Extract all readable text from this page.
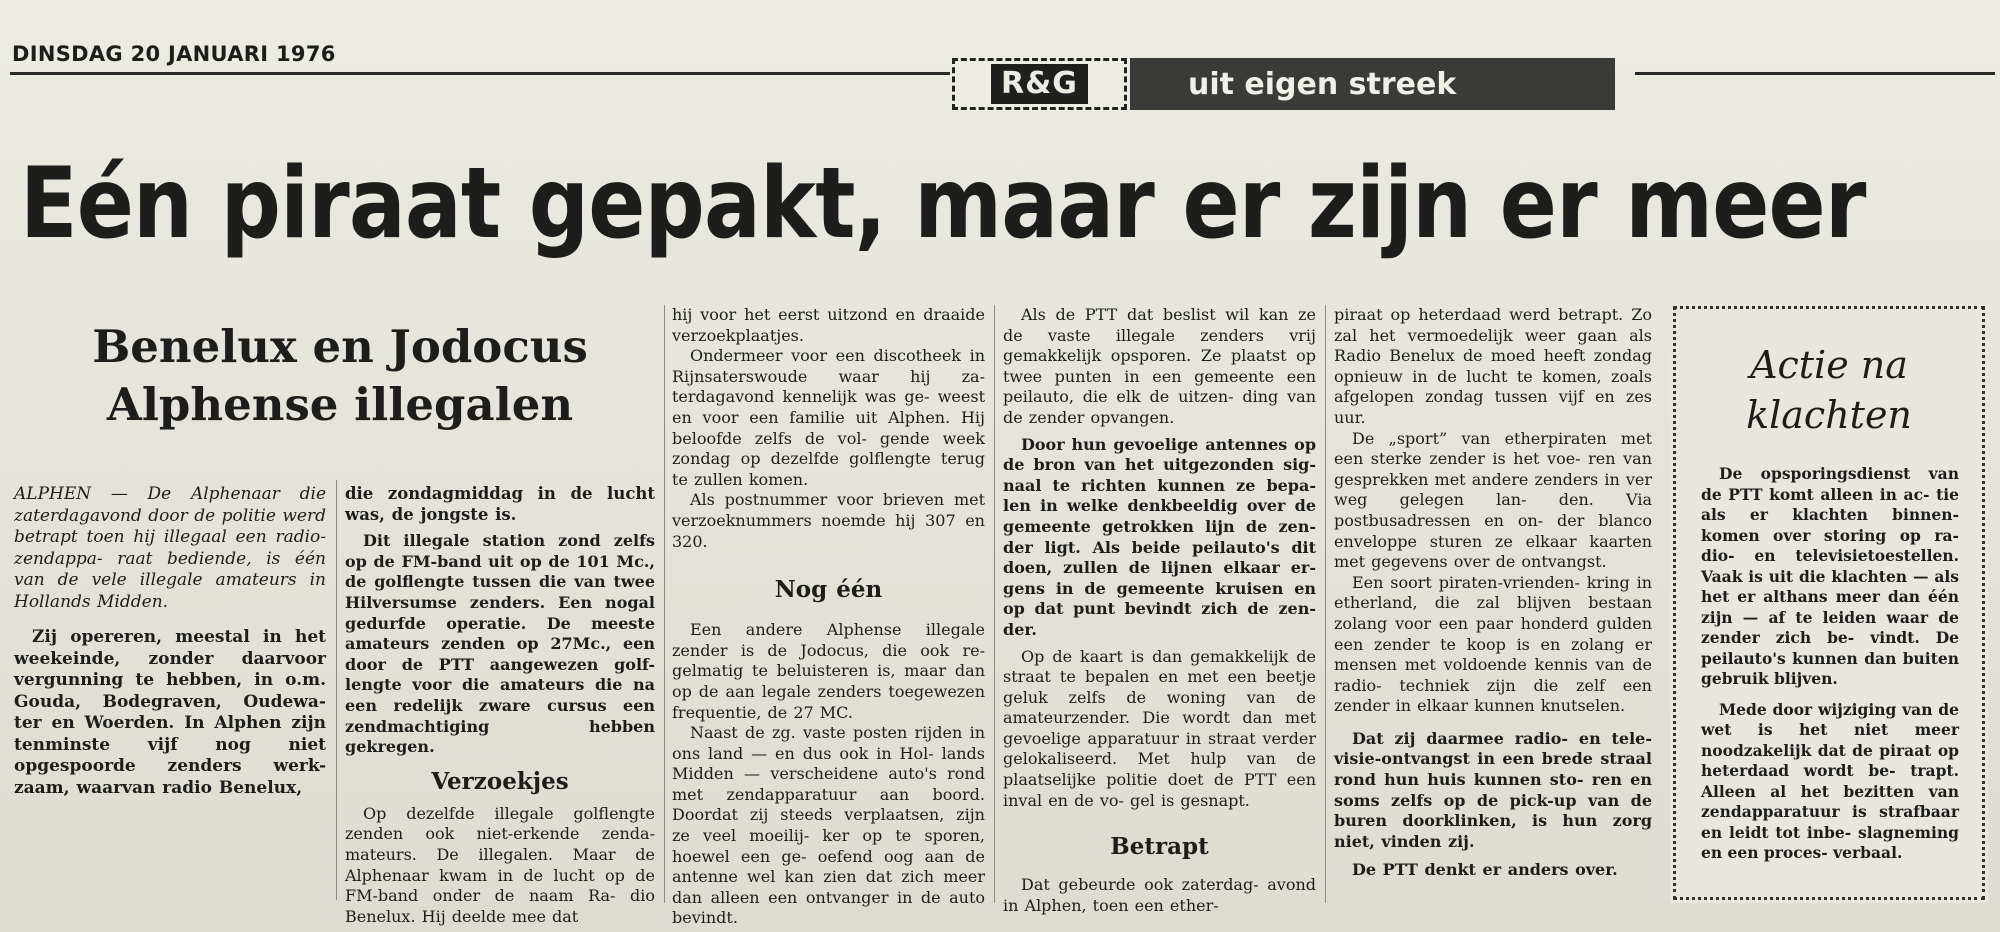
DINSDAG 20 JANUARI 1976
R&G	uit eigen streek
Eén piraat gepakt, maar er zijn er meer
Benelux en Jodocus
Alphense illegalen

ALPHEN — De Alphenaar die zaterdagavond door de politie werd betrapt toen hij illegaal een radio-zendappa- raat bediende, is één van de vele illegale amateurs in Hollands Midden.

Zij opereren, meestal in het weekeinde, zonder daarvoor vergunning te hebben, in o.m. Gouda, Bodegraven, Oudewa- ter en Woerden. In Alphen zijn tenminste vijf nog niet opgespoorde zenders werk- zaam, waarvan radio Benelux,

die zondagmiddag in de lucht was, de jongste is.

Dit illegale station zond zelfs op de FM-band uit op de 101 Mc., de golflengte tussen die van twee Hilversumse zenders. Een nogal gedurfde operatie. De meeste amateurs zenden op 27Mc., een door de PTT aangewezen golf- lengte voor die amateurs die na een redelijk zware cursus een zendmachtiging hebben gekregen.

Verzoekjes

Op dezelfde illegale golflengte zenden ook niet-erkende zenda- mateurs. De illegalen. Maar de Alphenaar kwam in de lucht op de FM-band onder de naam Ra- dio Benelux. Hij deelde mee dat

hij voor het eerst uitzond en draaide verzoekplaatjes.

Ondermeer voor een discotheek in Rijnsaterswoude waar hij za- terdagavond kennelijk was ge- weest en voor een familie uit Alphen. Hij beloofde zelfs de vol- gende week zondag op dezelfde golflengte terug te zullen komen.

Als postnummer voor brieven met verzoeknummers noemde hij 307 en 320.

Nog één

Een andere Alphense illegale zender is de Jodocus, die ook re- gelmatig te beluisteren is, maar dan op de aan legale zenders toegewezen frequentie, de 27 MC.

Naast de zg. vaste posten rijden in ons land — en dus ook in Hol- lands Midden — verscheidene auto's rond met zendapparatuur aan boord. Doordat zij steeds verplaatsen, zijn ze veel moeilij- ker op te sporen, hoewel een ge- oefend oog aan de antenne wel kan zien dat zich meer dan alleen een ontvanger in de auto bevindt.

Als de PTT dat beslist wil kan ze de vaste illegale zenders vrij gemakkelijk opsporen. Ze plaatst op twee punten in een gemeente een peilauto, die elk de uitzen- ding van de zender opvangen.

Door hun gevoelige antennes op de bron van het uitgezonden sig- naal te richten kunnen ze bepa- len in welke denkbeeldig over de gemeente getrokken lijn de zen- der ligt. Als beide peilauto's dit doen, zullen de lijnen elkaar er- gens in de gemeente kruisen en op dat punt bevindt zich de zen- der.

Op de kaart is dan gemakkelijk de straat te bepalen en met een beetje geluk zelfs de woning van de amateurzender. Die wordt dan met gevoelige apparatuur in straat verder gelokaliseerd. Met hulp van de plaatselijke politie doet de PTT een inval en de vo- gel is gesnapt.

Betrapt

Dat gebeurde ook zaterdag- avond in Alphen, toen een ether-

piraat op heterdaad werd betrapt. Zo zal het vermoedelijk weer gaan als Radio Benelux de moed heeft zondag opnieuw in de lucht te komen, zoals afgelopen zondag tussen vijf en zes uur.

De „sport” van etherpiraten met een sterke zender is het voe- ren van gesprekken met andere zenders in ver weg gelegen lan- den. Via postbusadressen en on- der blanco enveloppe sturen ze elkaar kaarten met gegevens over de ontvangst.

Een soort piraten-vrienden- kring in etherland, die zal blijven bestaan zolang voor een paar honderd gulden een zender te koop is en zolang er mensen met voldoende kennis van de radio- techniek zijn die zelf een zender in elkaar kunnen knutselen.

Dat zij daarmee radio- en tele- visie-ontvangst in een brede straal rond hun huis kunnen sto- ren en soms zelfs op de pick-up van de buren doorklinken, is hun zorg niet, vinden zij.

De PTT denkt er anders over.

Actie na
klachten

De opsporingsdienst van de PTT komt alleen in ac- tie als er klachten binnen- komen over storing op ra- dio- en televisietoestellen. Vaak is uit die klachten — als het er althans meer dan één zijn — af te leiden waar de zender zich be- vindt. De peilauto's kunnen dan buiten gebruik blijven.

Mede door wijziging van de wet is het niet meer noodzakelijk dat de piraat op heterdaad wordt be- trapt. Alleen al het bezitten van zendapparatuur is strafbaar en leidt tot inbe- slagneming en een proces- verbaal.
